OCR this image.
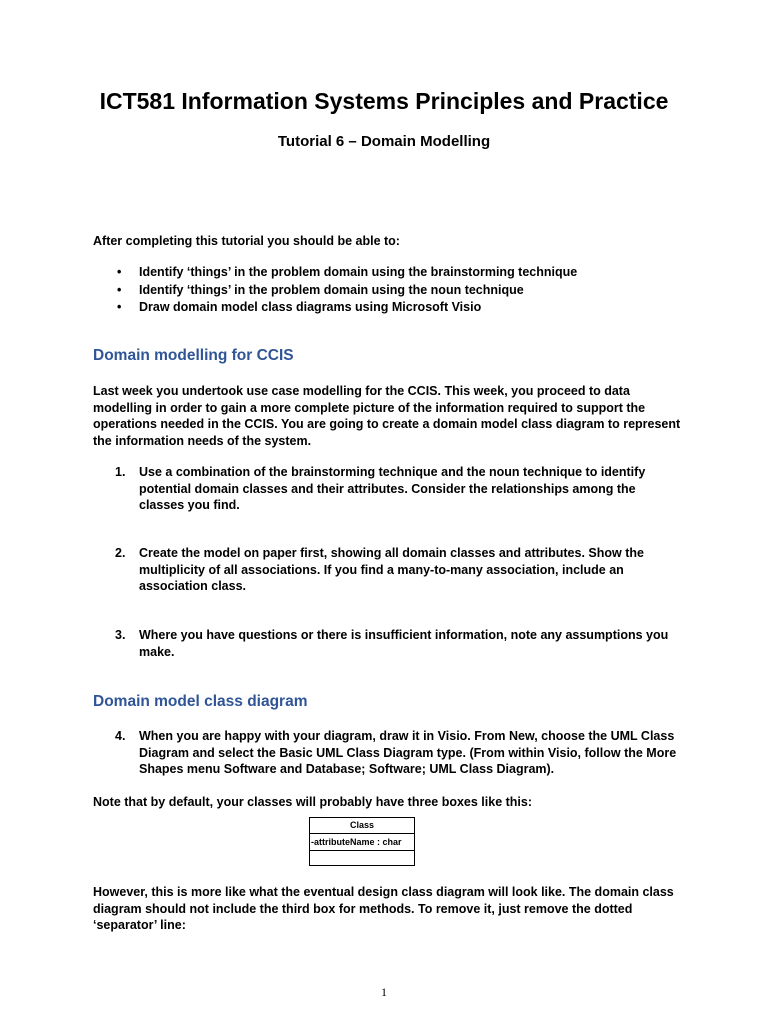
ICT581 Information Systems Principles and Practice
Tutorial 6 – Domain Modelling
After completing this tutorial you should be able to:
• Identify ‘things’ in the problem domain using the brainstorming technique
• Identify ‘things’ in the problem domain using the noun technique
• Draw domain model class diagrams using Microsoft Visio
Domain modelling for CCIS
Last week you undertook use case modelling for the CCIS. This week, you proceed to data modelling in order to gain a more complete picture of the information required to support the operations needed in the CCIS. You are going to create a domain model class diagram to represent the information needs of the system.
1. Use a combination of the brainstorming technique and the noun technique to identify potential domain classes and their attributes. Consider the relationships among the classes you find.
2. Create the model on paper first, showing all domain classes and attributes. Show the multiplicity of all associations. If you find a many-to-many association, include an association class.
3. Where you have questions or there is insufficient information, note any assumptions you make.
Domain model class diagram
4. When you are happy with your diagram, draw it in Visio. From New, choose the UML Class Diagram and select the Basic UML Class Diagram type. (From within Visio, follow the More Shapes menu Software and Database; Software; UML Class Diagram).
Note that by default, your classes will probably have three boxes like this:
Class
-attributeName : char
However, this is more like what the eventual design class diagram will look like. The domain class diagram should not include the third box for methods. To remove it, just remove the dotted ‘separator’ line:
1
